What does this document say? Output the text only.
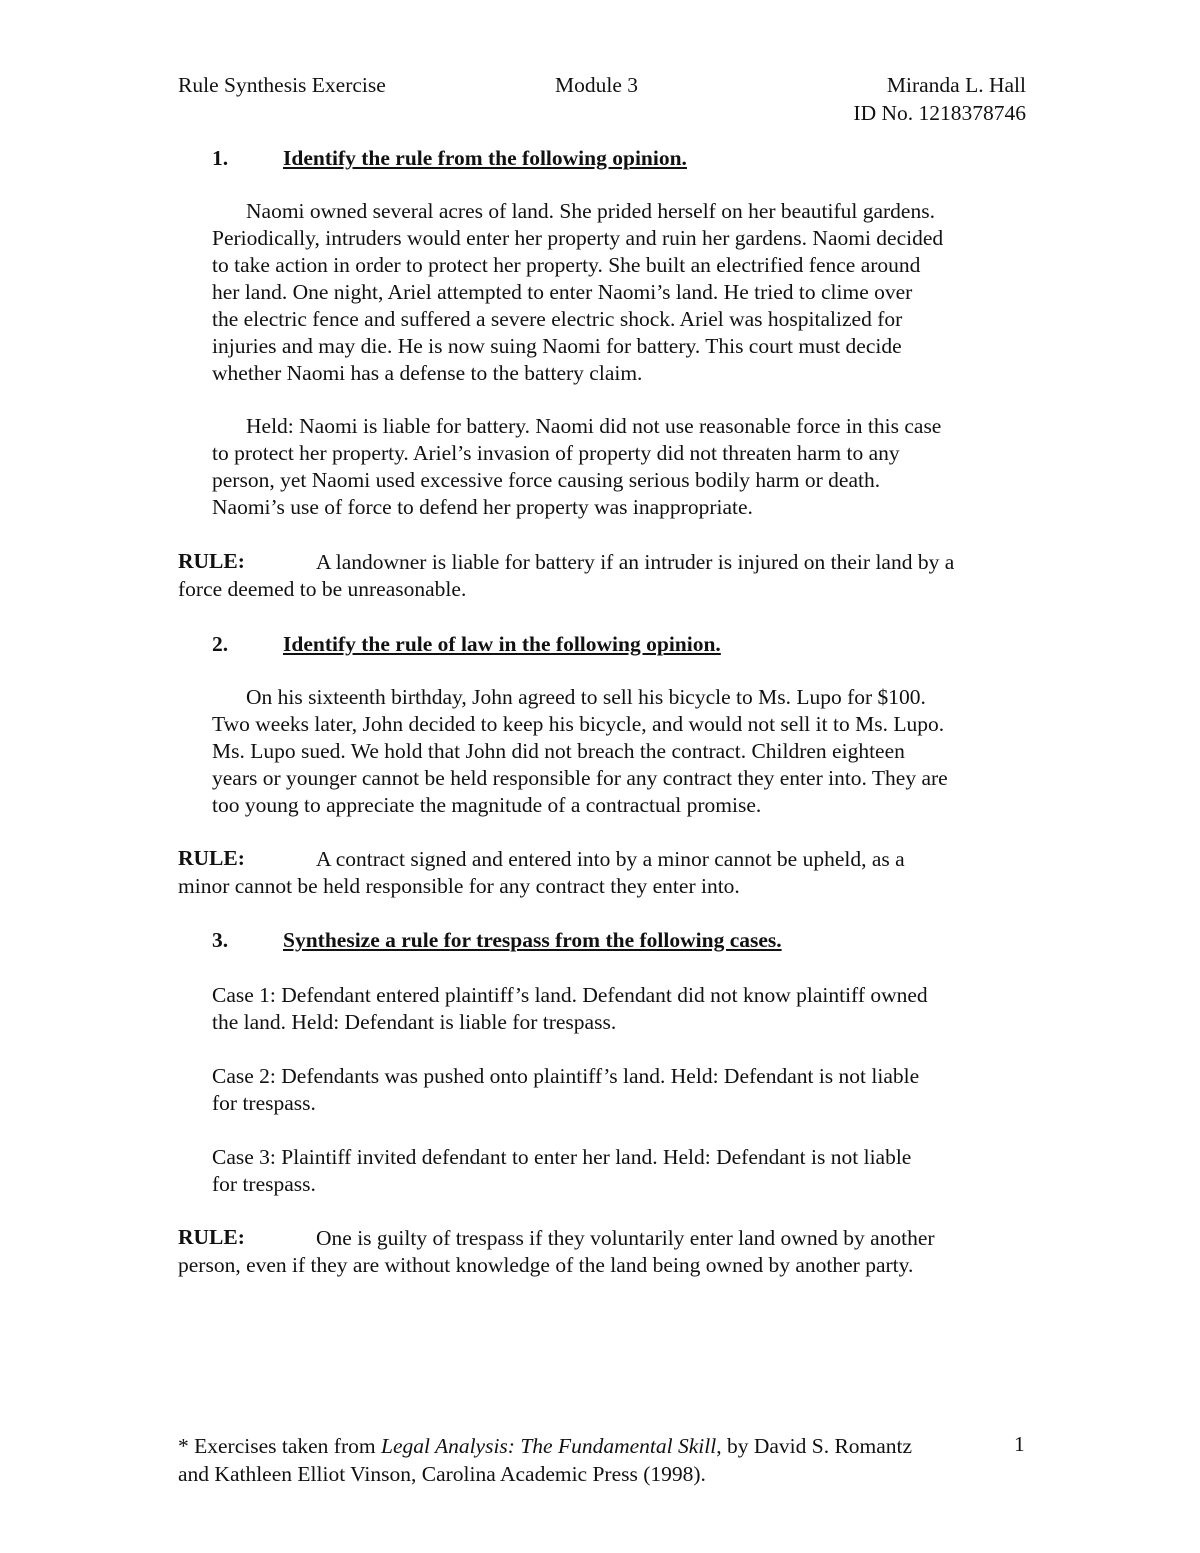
Rule Synthesis Exercise	Module 3	Miranda L. Hall
ID No. 1218378746
1.	Identify the rule from the following opinion.
Naomi owned several acres of land. She prided herself on her beautiful gardens.
Periodically, intruders would enter her property and ruin her gardens. Naomi decided
to take action in order to protect her property. She built an electrified fence around
her land. One night, Ariel attempted to enter Naomi’s land. He tried to clime over
the electric fence and suffered a severe electric shock. Ariel was hospitalized for
injuries and may die. He is now suing Naomi for battery. This court must decide
whether Naomi has a defense to the battery claim.
Held: Naomi is liable for battery. Naomi did not use reasonable force in this case
to protect her property. Ariel’s invasion of property did not threaten harm to any
person, yet Naomi used excessive force causing serious bodily harm or death.
Naomi’s use of force to defend her property was inappropriate.
RULE:	A landowner is liable for battery if an intruder is injured on their land by a
force deemed to be unreasonable.
2.	Identify the rule of law in the following opinion.
On his sixteenth birthday, John agreed to sell his bicycle to Ms. Lupo for $100.
Two weeks later, John decided to keep his bicycle, and would not sell it to Ms. Lupo.
Ms. Lupo sued. We hold that John did not breach the contract. Children eighteen
years or younger cannot be held responsible for any contract they enter into. They are
too young to appreciate the magnitude of a contractual promise.
RULE:	A contract signed and entered into by a minor cannot be upheld, as a
minor cannot be held responsible for any contract they enter into.
3.	Synthesize a rule for trespass from the following cases.
Case 1: Defendant entered plaintiff’s land. Defendant did not know plaintiff owned
the land. Held: Defendant is liable for trespass.
Case 2: Defendants was pushed onto plaintiff’s land. Held: Defendant is not liable
for trespass.
Case 3: Plaintiff invited defendant to enter her land. Held: Defendant is not liable
for trespass.
RULE:	One is guilty of trespass if they voluntarily enter land owned by another
person, even if they are without knowledge of the land being owned by another party.
* Exercises taken from Legal Analysis: The Fundamental Skill, by David S. Romantz
and Kathleen Elliot Vinson, Carolina Academic Press (1998).
1
